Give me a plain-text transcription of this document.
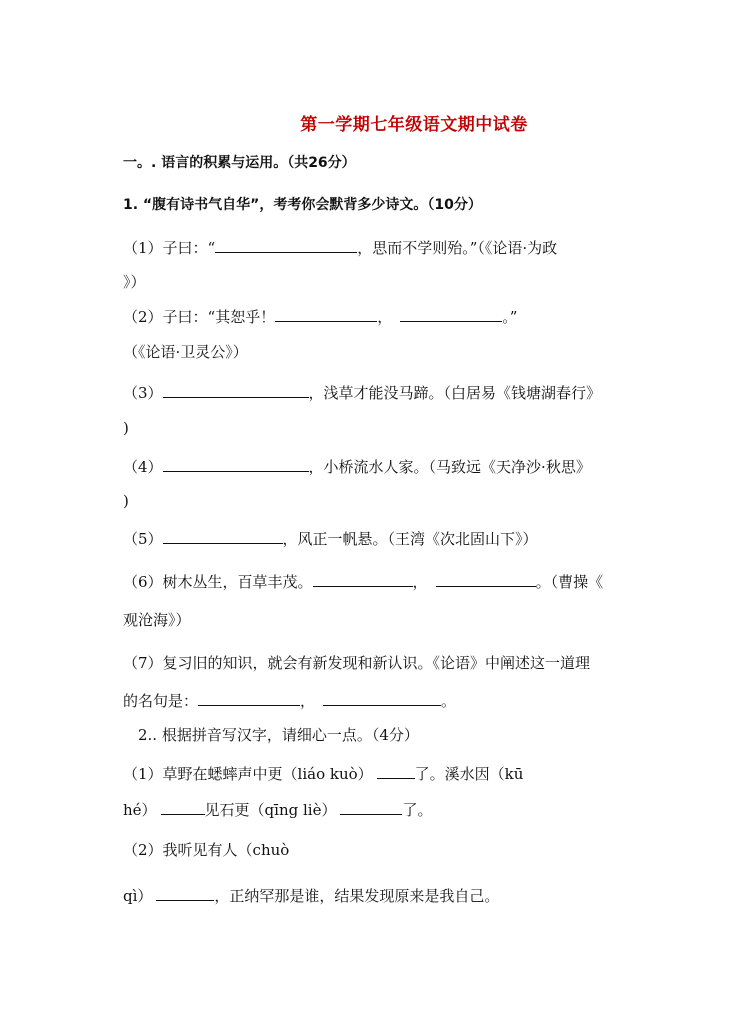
第一学期七年级语文期中试卷
一。. 语言的积累与运用。（共26分）
1. “腹有诗书气自华”，考考你会默背多少诗文。（10分）
（1）子曰：“	，思而不学则殆。”（《论语·为政
》）
（2）子曰：“其恕乎！	，	。”
（《论语·卫灵公》）
（3）	，浅草才能没马蹄。（白居易《钱塘湖春行》
)
（4）	，小桥流水人家。（马致远《天净沙·秋思》
)
（5）	，风正一帆悬。（王湾《次北固山下》）
（6）树木丛生，百草丰茂。	，	。（曹操《
观沧海》）
（7）复习旧的知识，就会有新发现和新认识。《论语》中阐述这一道理
的名句是：	，	。
2.. 根据拼音写汉字，请细心一点。（4分）
（1）草野在蟋蟀声中更（liáo kuò）	了。溪水因（kū
hé）	见石更（qīng liè）	了。
（2）我听见有人（chuò
qì）	，正纳罕那是谁，结果发现原来是我自己。
